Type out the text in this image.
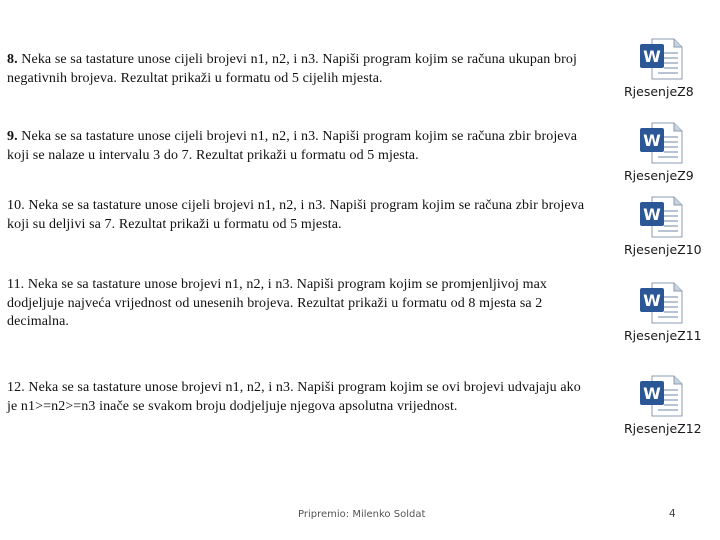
8. Neka se sa tastature unose cijeli brojevi n1, n2, i n3. Napiši program kojim se računa ukupan broj negativnih brojeva. Rezultat prikaži u formatu od 5 cijelih mjesta.

9. Neka se sa tastature unose cijeli brojevi n1, n2, i n3. Napiši program kojim se računa zbir brojeva koji se nalaze u intervalu 3 do 7. Rezultat prikaži u formatu od 5 mjesta.

10. Neka se sa tastature unose cijeli brojevi n1, n2, i n3. Napiši program kojim se računa zbir brojeva koji su deljivi sa 7. Rezultat prikaži u formatu od 5 mjesta.

11. Neka se sa tastature unose brojevi n1, n2, i n3. Napiši program kojim se promjenljivoj max dodjeljuje najveća vrijednost od unesenih brojeva. Rezultat prikaži u formatu od 8 mjesta sa 2 decimalna.

12. Neka se sa tastature unose brojevi n1, n2, i n3. Napiši program kojim se ovi brojevi udvajaju ako je n1>=n2>=n3 inače se svakom broju dodjeljuje njegova apsolutna vrijednost.

W
RjesenjeZ8
W
RjesenjeZ9
W
RjesenjeZ10
W
RjesenjeZ11
W
RjesenjeZ12
Pripremio: Milenko Soldat	4
